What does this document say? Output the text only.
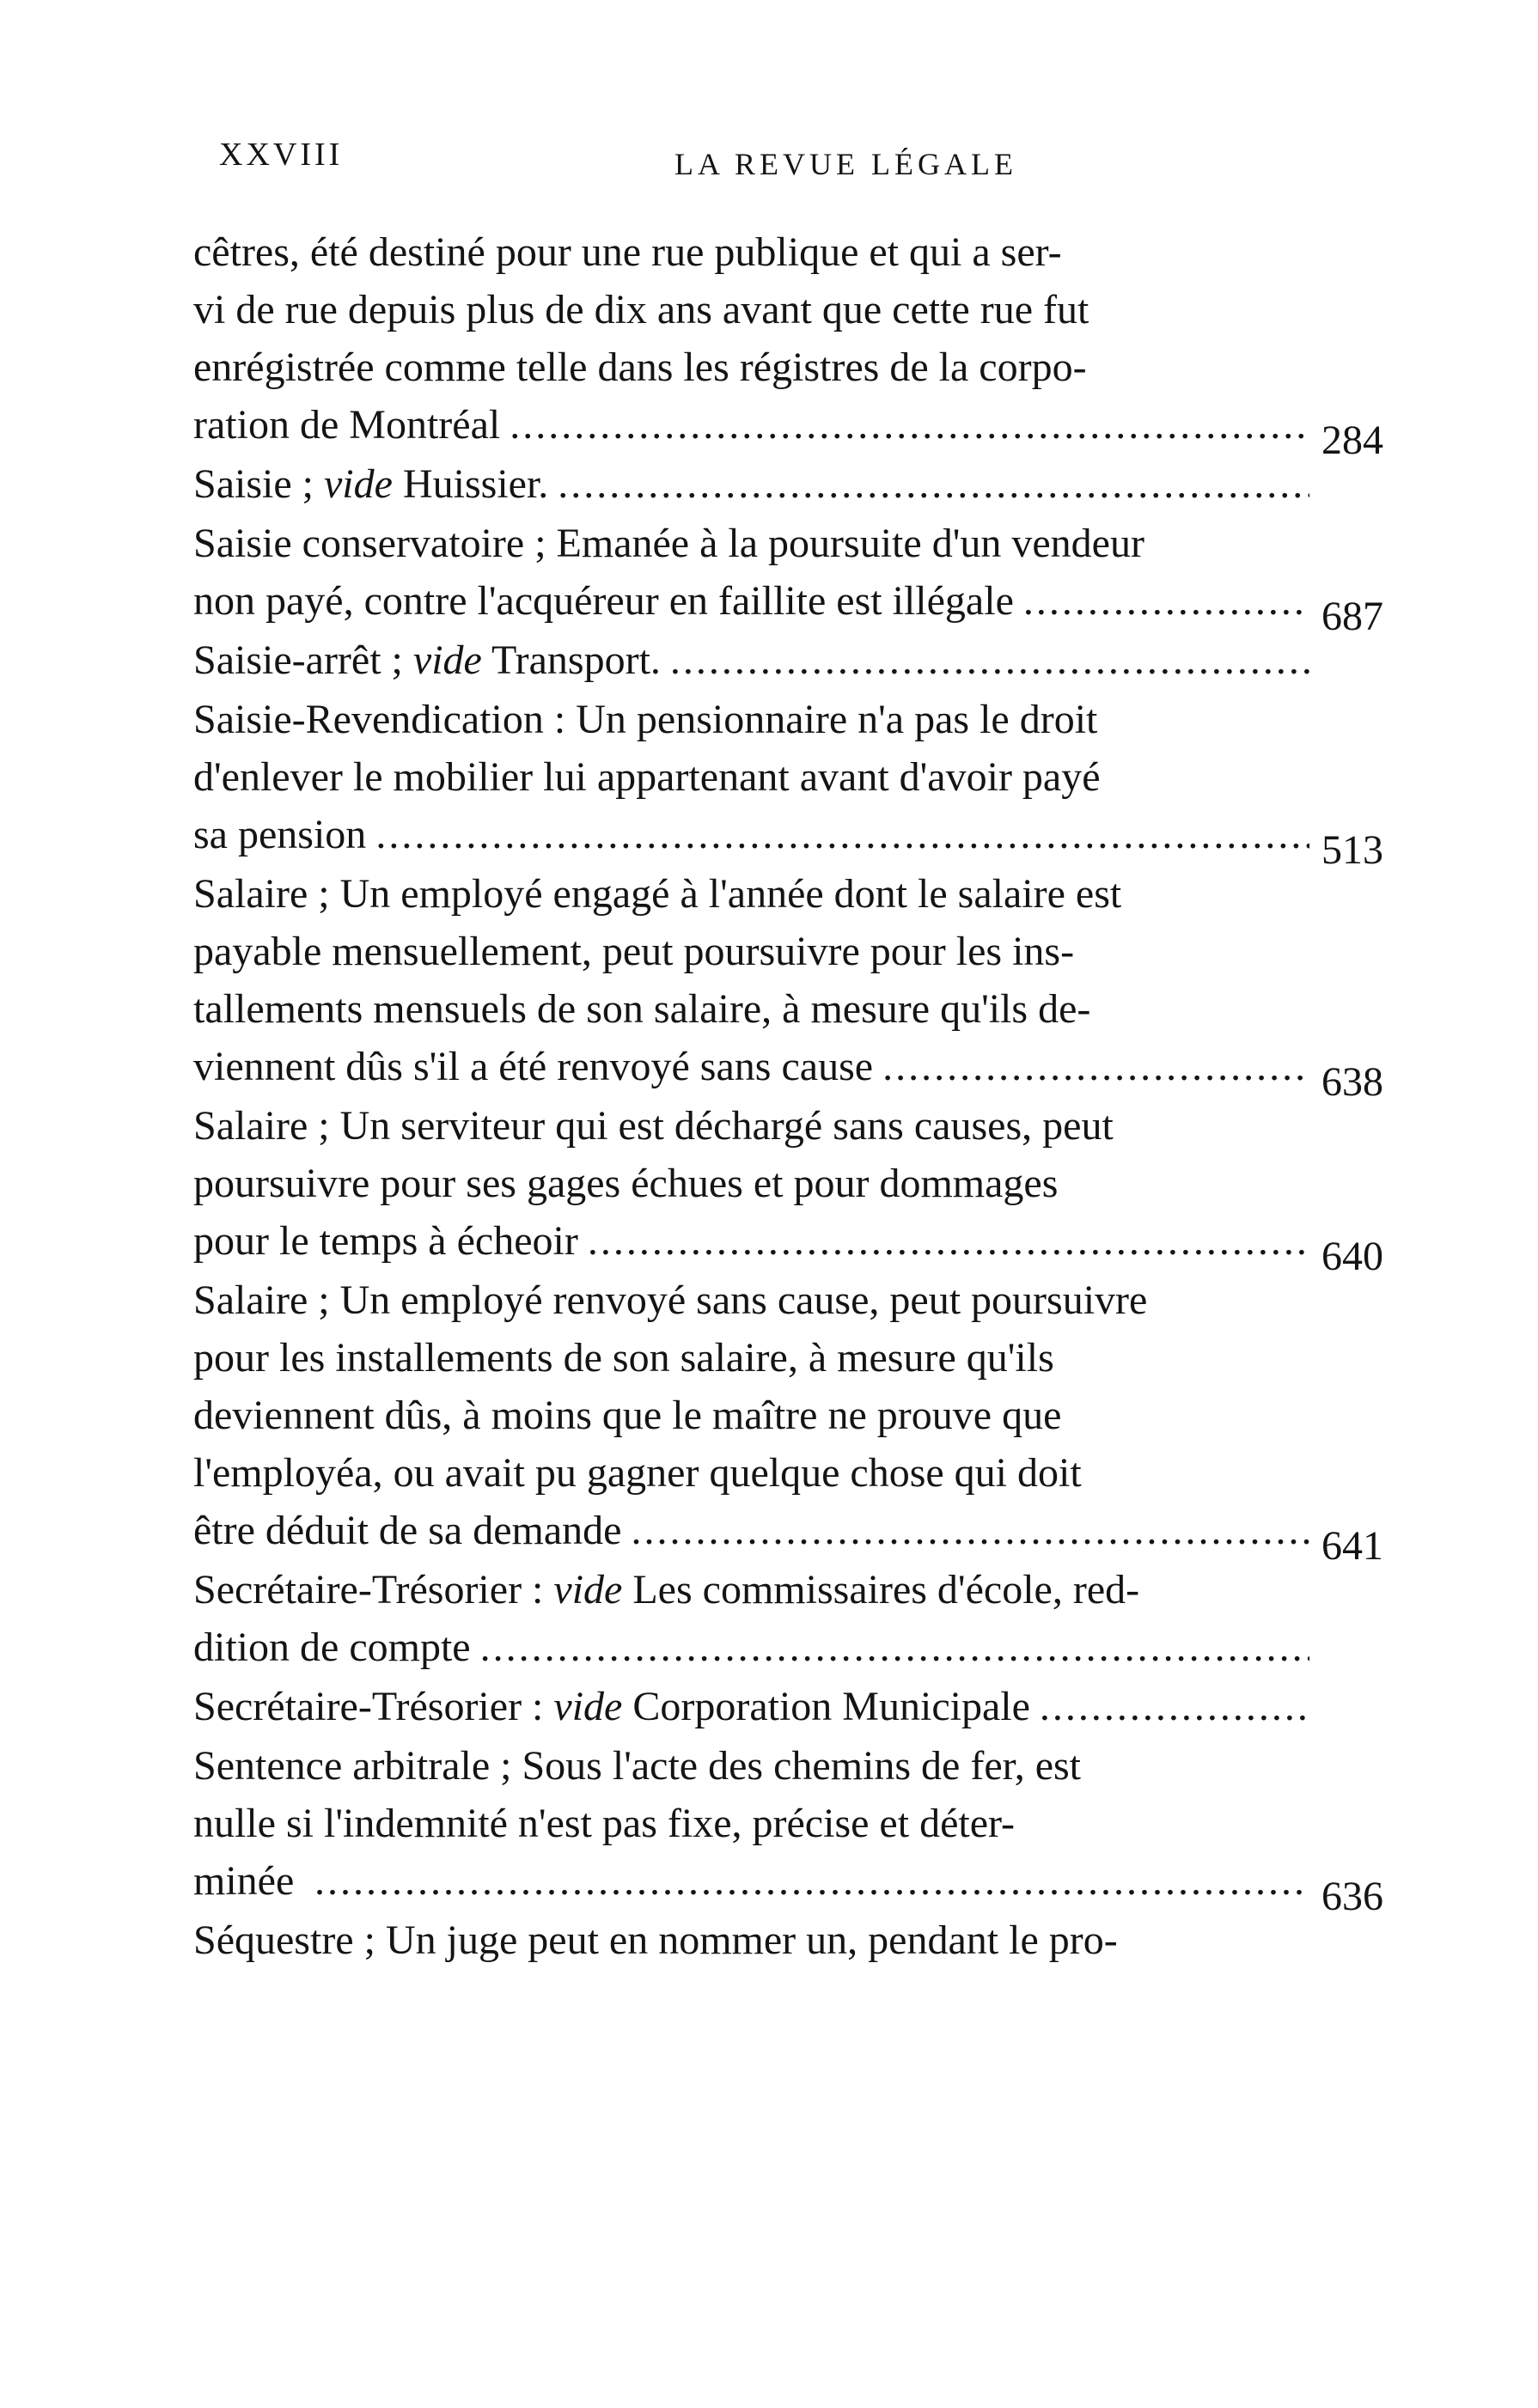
XXVIII	LA REVUE LÉGALE
cêtres, été destiné pour une rue publique et qui a ser-
vi de rue depuis plus de dix ans avant que cette rue fut
enrégistrée comme telle dans les régistres de la corpo-
ration de Montréal .....	284
Saisie ; vide Huissier.
.....
Saisie conservatoire ; Emanée à la poursuite d'un vendeur
non payé, contre l'acquéreur en faillite est illégale .....	687
Saisie-arrêt ; vide Transport.
.....
Saisie-Revendication : Un pensionnaire n'a pas le droit
d'enlever le mobilier lui appartenant avant d'avoir payé
sa pension .....	513
Salaire ; Un employé engagé à l'année dont le salaire est
payable mensuellement, peut poursuivre pour les ins-
tallements mensuels de son salaire, à mesure qu'ils de-
viennent dûs s'il a été renvoyé sans cause .....	638
Salaire ; Un serviteur qui est déchargé sans causes, peut
poursuivre pour ses gages échues et pour dommages
pour le temps à écheoir .....	640
Salaire ; Un employé renvoyé sans cause, peut poursuivre
pour les installements de son salaire, à mesure qu'ils
deviennent dûs, à moins que le maître ne prouve que
l'employéa, ou avait pu gagner quelque chose qui doit
être déduit de sa demande .....	641
Secrétaire-Trésorier : vide Les commissaires d'école, red-
dition de compte
.....
Secrétaire-Trésorier : vide Corporation Municipale
.....
Sentence arbitrale ; Sous l'acte des chemins de fer, est
nulle si l'indemnité n'est pas fixe, précise et déter-
minée .....	636
Séquestre ; Un juge peut en nommer un, pendant le pro-
